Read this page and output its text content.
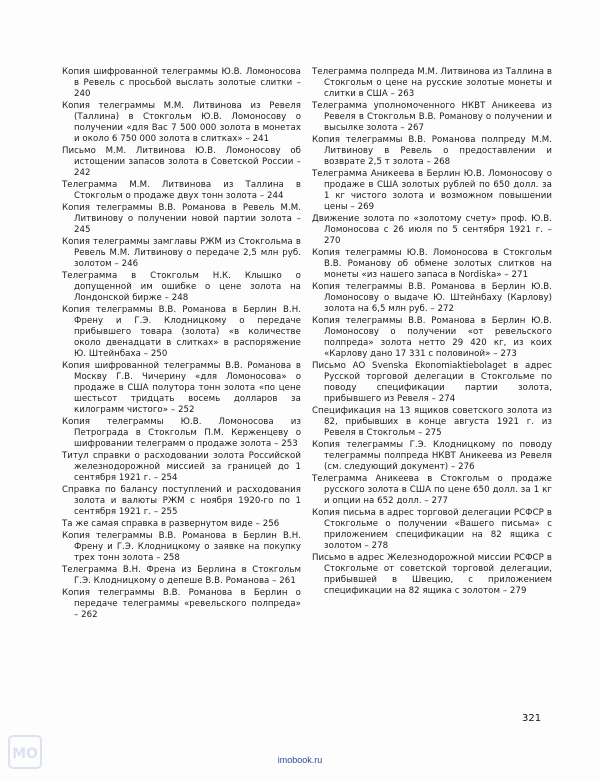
Копия шифрованной телеграммы Ю.В. Ломоносова в Ревель с просьбой выслать золотые слитки – 240

Копия телеграммы М.М. Литвинова из Ревеля (Таллина) в Стокгольм Ю.В. Ломоносову о получении «для Вас 7 500 000 золота в монетах и около 6 750 000 золота в слитках» – 241

Письмо М.М. Литвинова Ю.В. Ломоносову об истощении запасов золота в Советской России – 242

Телеграмма М.М. Литвинова из Таллина в Стокгольм о продаже двух тонн золота – 244

Копия телеграммы В.В. Романова в Ревель М.М. Литвинову о получении новой партии золота – 245

Копия телеграммы замглавы РЖМ из Стокгольма в Ревель М.М. Литвинову о передаче 2,5 млн руб. золотом – 246

Телеграмма в Стокгольм Н.К. Клышко о допущенной им ошибке о цене золота на Лондонской бирже – 248

Копия телеграммы В.В. Романова в Берлин В.Н. Френу и Г.Э. Клодницкому о передаче прибывшего товара (золота) «в количестве около двенадцати в слитках» в распоряжение Ю. Штейнбаха – 250

Копия шифрованной телеграммы В.В. Романова в Москву Г.В. Чичерину «для Ломоносова» о продаже в США полутора тонн золота «по цене шестьсот тридцать восемь долларов за килограмм чистого» – 252

Копия телеграммы Ю.В. Ломоносова из Петрограда в Стокгольм П.М. Керженцеву о шифровании телеграмм о продаже золота – 253

Титул справки о расходовании золота Российской железнодорожной миссией за границей до 1 сентября 1921 г. – 254

Справка по балансу поступлений и расходования золота и валюты РЖМ с ноября 1920-го по 1 сентября 1921 г. – 255

Та же самая справка в развернутом виде – 256

Копия телеграммы В.В. Романова в Берлин В.Н. Френу и Г.Э. Клодницкому о заявке на покупку трех тонн золота – 258

Телеграмма В.Н. Френа из Берлина в Стокгольм Г.Э. Клодницкому о депеше В.В. Романова – 261

Копия телеграммы В.В. Романова в Берлин о передаче телеграммы «ревельского полпреда» – 262

Телеграмма полпреда М.М. Литвинова из Таллина в Стокгольм о цене на русские золотые монеты и слитки в США – 263

Телеграмма уполномоченного НКВТ Аникеева из Ревеля в Стокгольм В.В. Романову о получении и высылке золота – 267

Копия телеграммы В.В. Романова полпреду М.М. Литвинову в Ревель о предоставлении и возврате 2,5 т золота – 268

Телеграмма Аникеева в Берлин Ю.В. Ломоносову о продаже в США золотых рублей по 650 долл. за 1 кг чистого золота и возможном повышении цены – 269

Движение золота по «золотому счету» проф. Ю.В. Ломоносова с 26 июля по 5 сентября 1921 г. – 270

Копия телеграммы Ю.В. Ломоносова в Стокгольм В.В. Романову об обмене золотых слитков на монеты «из нашего запаса в Nordiska» – 271

Копия телеграммы В.В. Романова в Берлин Ю.В. Ломоносову о выдаче Ю. Штейнбаху (Карлову) золота на 6,5 млн руб. – 272

Копия телеграммы В.В. Романова в Берлин Ю.В. Ломоносову о получении «от ревельского полпреда» золота нетто 29 420 кг, из коих «Карлову дано 17 331 с половиной» – 273

Письмо АО Svenska Ekonomiaktiebolaget в адрес Русской торговой делегации в Стокгольме по поводу спецификации партии золота, прибывшего из Ревеля – 274

Спецификация на 13 ящиков советского золота из 82, прибывших в конце августа 1921 г. из Ревеля в Стокгольм – 275

Копия телеграммы Г.Э. Клодницкому по поводу телеграммы полпреда НКВТ Аникеева из Ревеля (см. следующий документ) – 276

Телеграмма Аникеева в Стокгольм о продаже русского золота в США по цене 650 долл. за 1 кг и опции на 652 долл. – 277

Копия письма в адрес торговой делегации РСФСР в Стокгольме о получении «Вашего письма» с приложением спецификации на 82 ящика с золотом – 278

Письмо в адрес Железнодорожной миссии РСФСР в Стокгольме от советской торговой делегации, прибывшей в Швецию, с приложением спецификации на 82 ящика с золотом – 279

321
МО	imobook.ru
